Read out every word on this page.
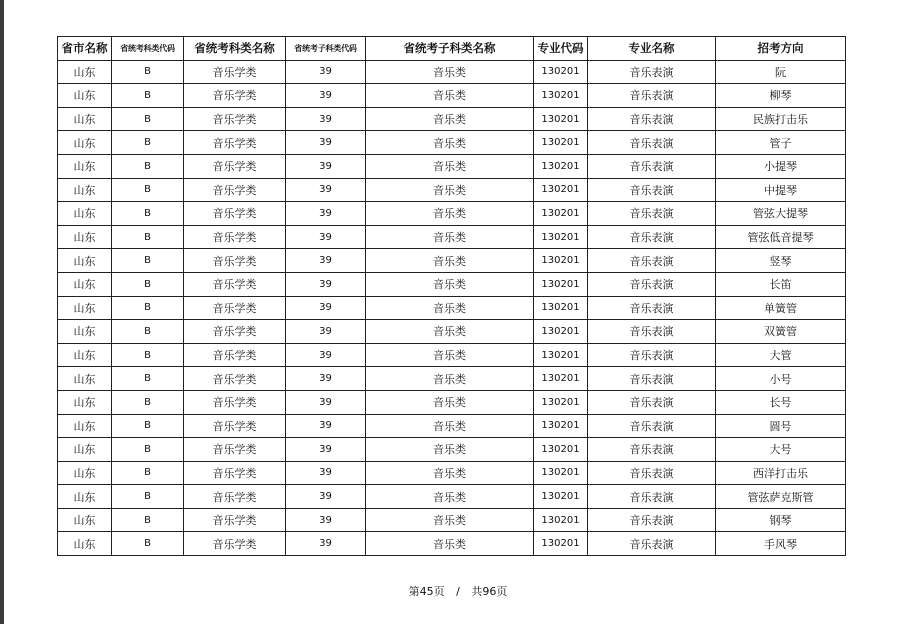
省市名称	省统考科类代码	省统考科类名称	省统考子科类代码	省统考子科类名称	专业代码	专业名称	招考方向
山东	B	音乐学类	39	音乐类	130201	音乐表演	阮
山东	B	音乐学类	39	音乐类	130201	音乐表演	柳琴
山东	B	音乐学类	39	音乐类	130201	音乐表演	民族打击乐
山东	B	音乐学类	39	音乐类	130201	音乐表演	管子
山东	B	音乐学类	39	音乐类	130201	音乐表演	小提琴
山东	B	音乐学类	39	音乐类	130201	音乐表演	中提琴
山东	B	音乐学类	39	音乐类	130201	音乐表演	管弦大提琴
山东	B	音乐学类	39	音乐类	130201	音乐表演	管弦低音提琴
山东	B	音乐学类	39	音乐类	130201	音乐表演	竖琴
山东	B	音乐学类	39	音乐类	130201	音乐表演	长笛
山东	B	音乐学类	39	音乐类	130201	音乐表演	单簧管
山东	B	音乐学类	39	音乐类	130201	音乐表演	双簧管
山东	B	音乐学类	39	音乐类	130201	音乐表演	大管
山东	B	音乐学类	39	音乐类	130201	音乐表演	小号
山东	B	音乐学类	39	音乐类	130201	音乐表演	长号
山东	B	音乐学类	39	音乐类	130201	音乐表演	圆号
山东	B	音乐学类	39	音乐类	130201	音乐表演	大号
山东	B	音乐学类	39	音乐类	130201	音乐表演	西洋打击乐
山东	B	音乐学类	39	音乐类	130201	音乐表演	管弦萨克斯管
山东	B	音乐学类	39	音乐类	130201	音乐表演	钢琴
山东	B	音乐学类	39	音乐类	130201	音乐表演	手风琴
第45页 / 共96页
